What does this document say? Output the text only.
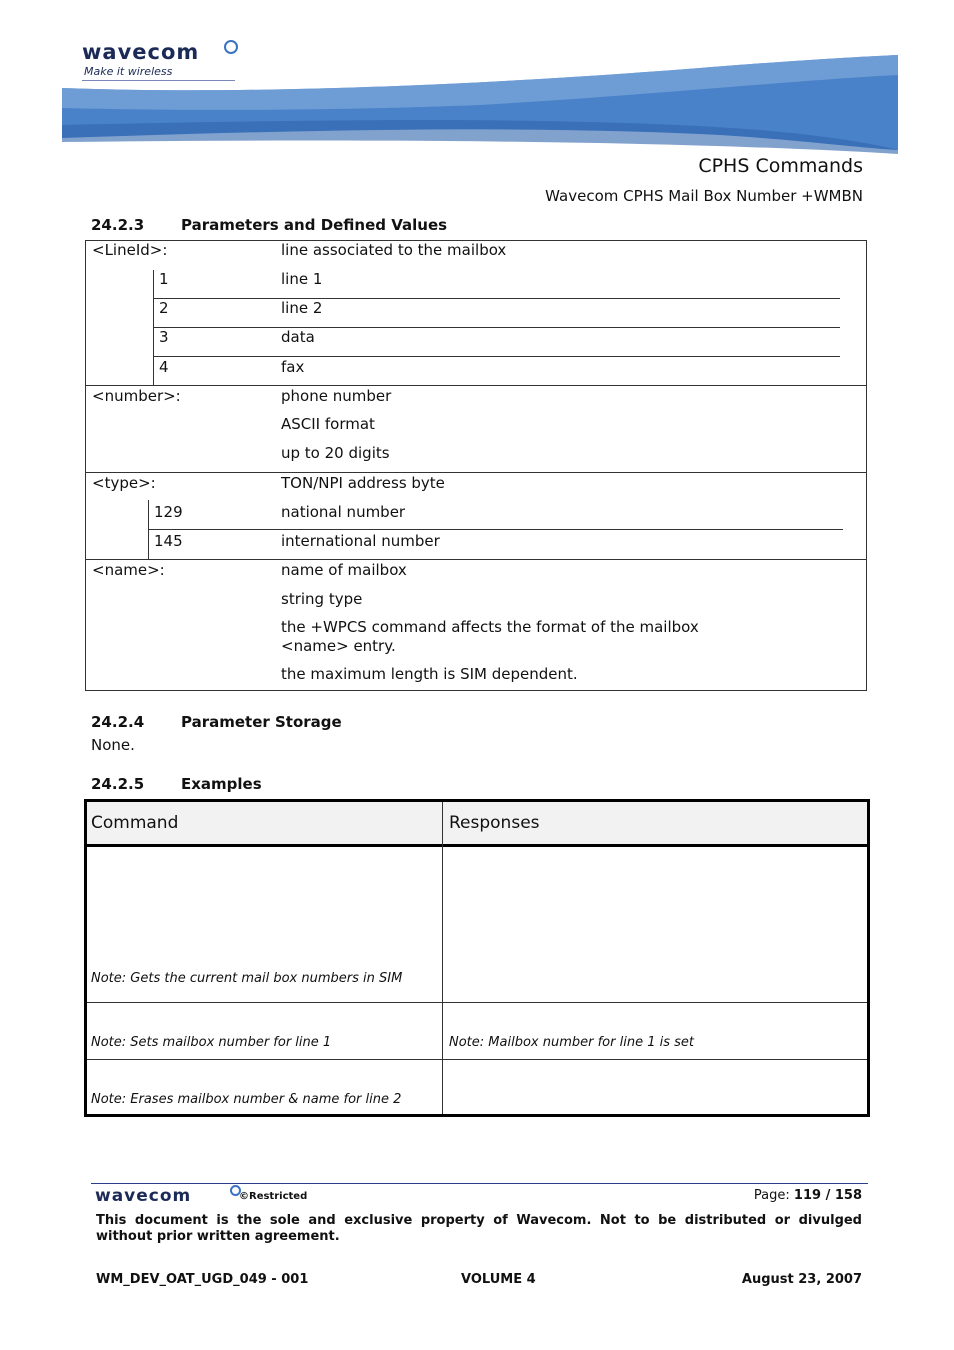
wavecom
Make it wireless
CPHS Commands
Wavecom CPHS Mail Box Number +WMBN
24.2.3 Parameters and Defined Values
<LineId>:	line associated to the mailbox
1	line 1
2	line 2
3	data
4	fax
<number>:	phone number
ASCII format
up to 20 digits
<type>:	TON/NPI address byte
129	national number
145	international number
<name>:	name of mailbox
string type
the +WPCS command affects the format of the mailbox
<name> entry.
the maximum length is SIM dependent.
24.2.4 Parameter Storage
None.
24.2.5 Examples
Command	Responses
Note: Gets the current mail box numbers in SIM
Note: Sets mailbox number for line 1	Note: Mailbox number for line 1 is set
Note: Erases mailbox number & name for line 2
wavecom	©Restricted	Page: 119 / 158
This document is the sole and exclusive property of Wavecom. Not to be distributed or divulged without prior written agreement.
WM_DEV_OAT_UGD_049 - 001	VOLUME 4	August 23, 2007
